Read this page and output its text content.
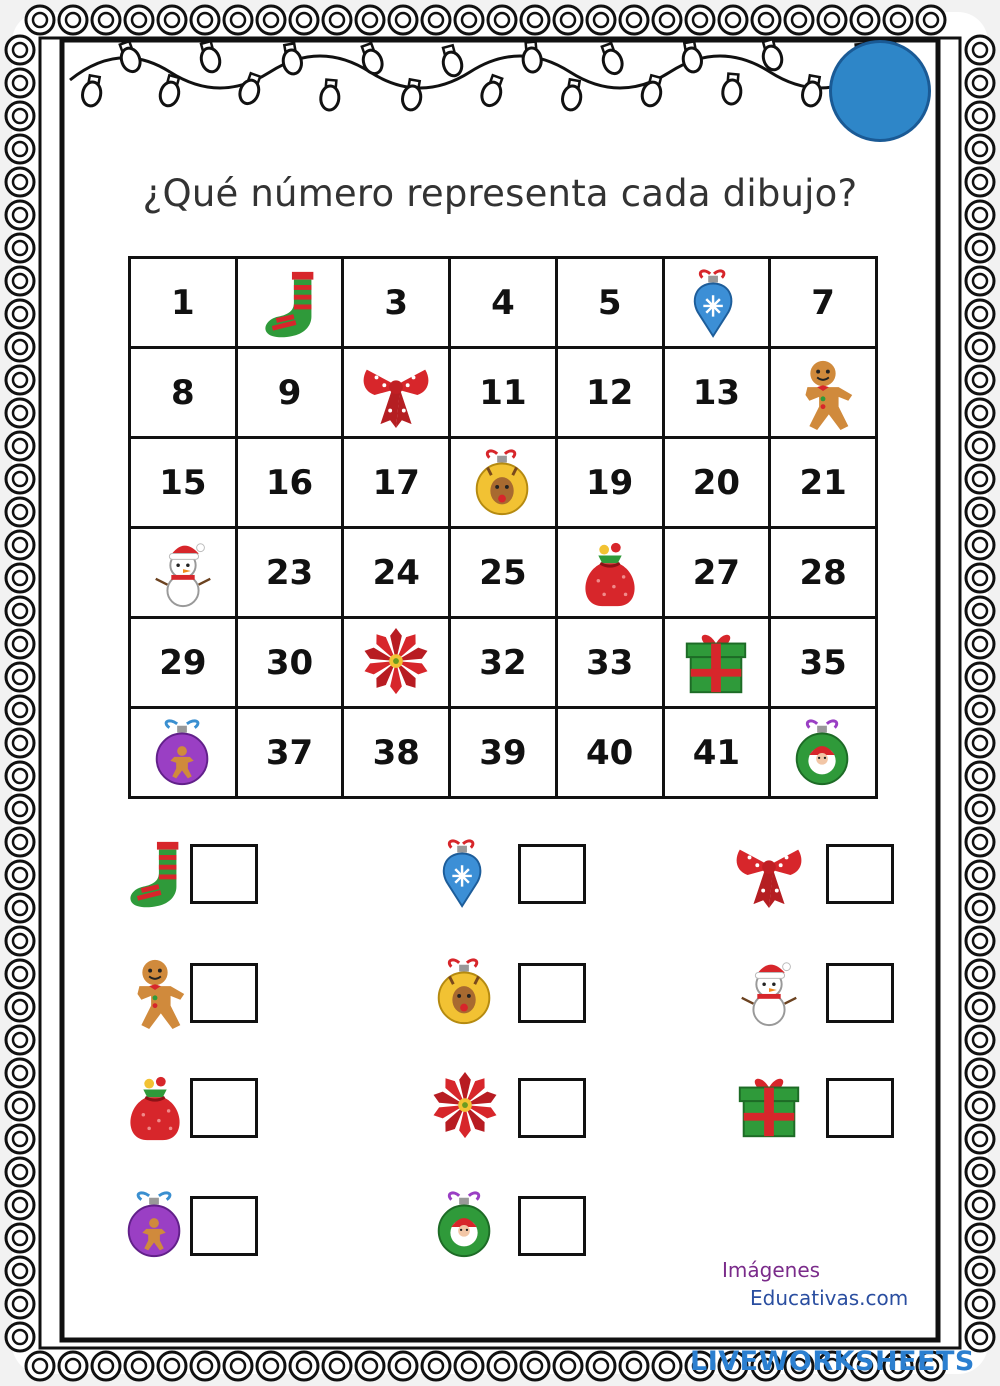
¿Qué número representa cada dibujo?
1		3	4	5		7
8	9		11	12	13	

15	16	17		19	20	21

	23	24	25		27	28
29	30		32	33		35

	37	38	39	40	41	
Imágenes
Educativas.com
LIVEWORKSHEETS
